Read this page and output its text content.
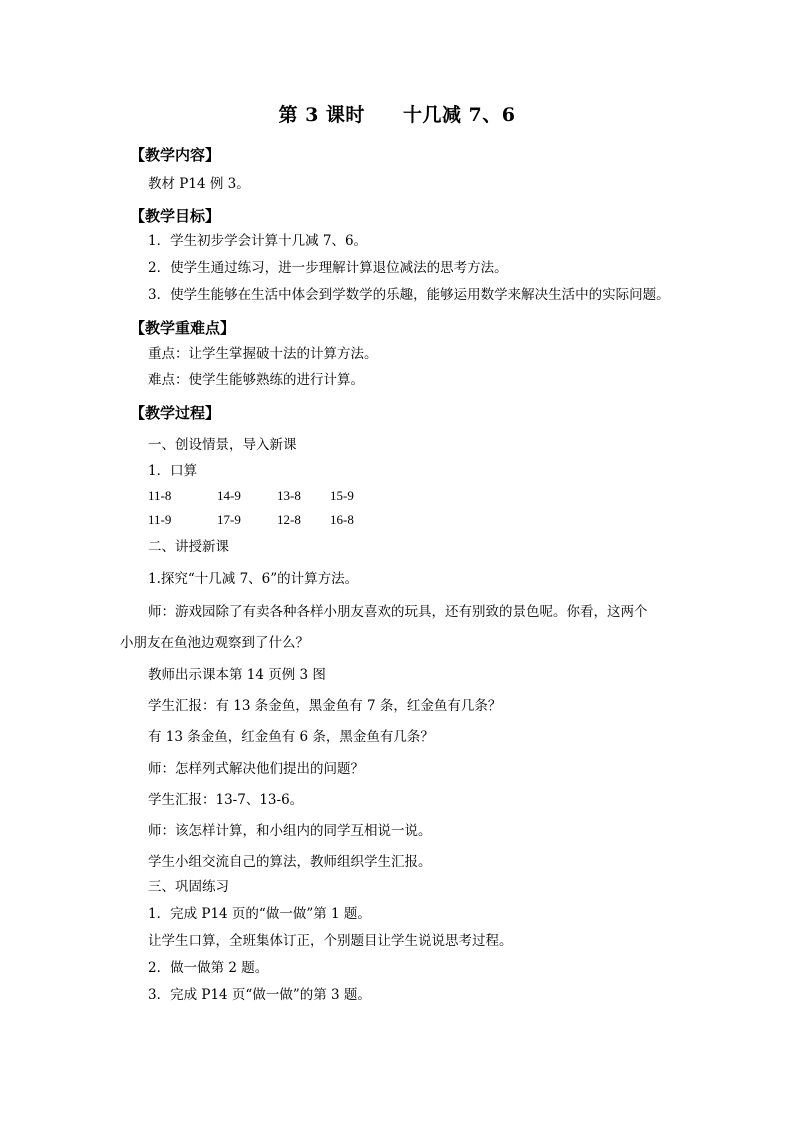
第 3 课时 十几减 7、6
【教学内容】
教材 P14 例 3。
【教学目标】
1．学生初步学会计算十几减 7、6。
2．使学生通过练习，进一步理解计算退位减法的思考方法。
3．使学生能够在生活中体会到学数学的乐趣，能够运用数学来解决生活中的实际问题。
【教学重难点】
重点：让学生掌握破十法的计算方法。
难点：使学生能够熟练的进行计算。
【教学过程】
一、创设情景，导入新课
1．口算
11-8	14-9	13-8 15-9
11-9	17-9	12-8 16-8
二、讲授新课
1.探究“十几减 7、6”的计算方法。
师：游戏园除了有卖各种各样小朋友喜欢的玩具，还有别致的景色呢。你看，这两个
小朋友在鱼池边观察到了什么？
教师出示课本第 14 页例 3 图
学生汇报：有 13 条金鱼，黑金鱼有 7 条，红金鱼有几条？
有 13 条金鱼，红金鱼有 6 条，黑金鱼有几条？
师：怎样列式解决他们提出的问题？
学生汇报：13-7、13-6。
师：该怎样计算，和小组内的同学互相说一说。
学生小组交流自己的算法，教师组织学生汇报。
三、巩固练习
1．完成 P14 页的“做一做”第 1 题。
让学生口算，全班集体订正，个别题目让学生说说思考过程。
2．做一做第 2 题。
3．完成 P14 页“做一做”的第 3 题。
